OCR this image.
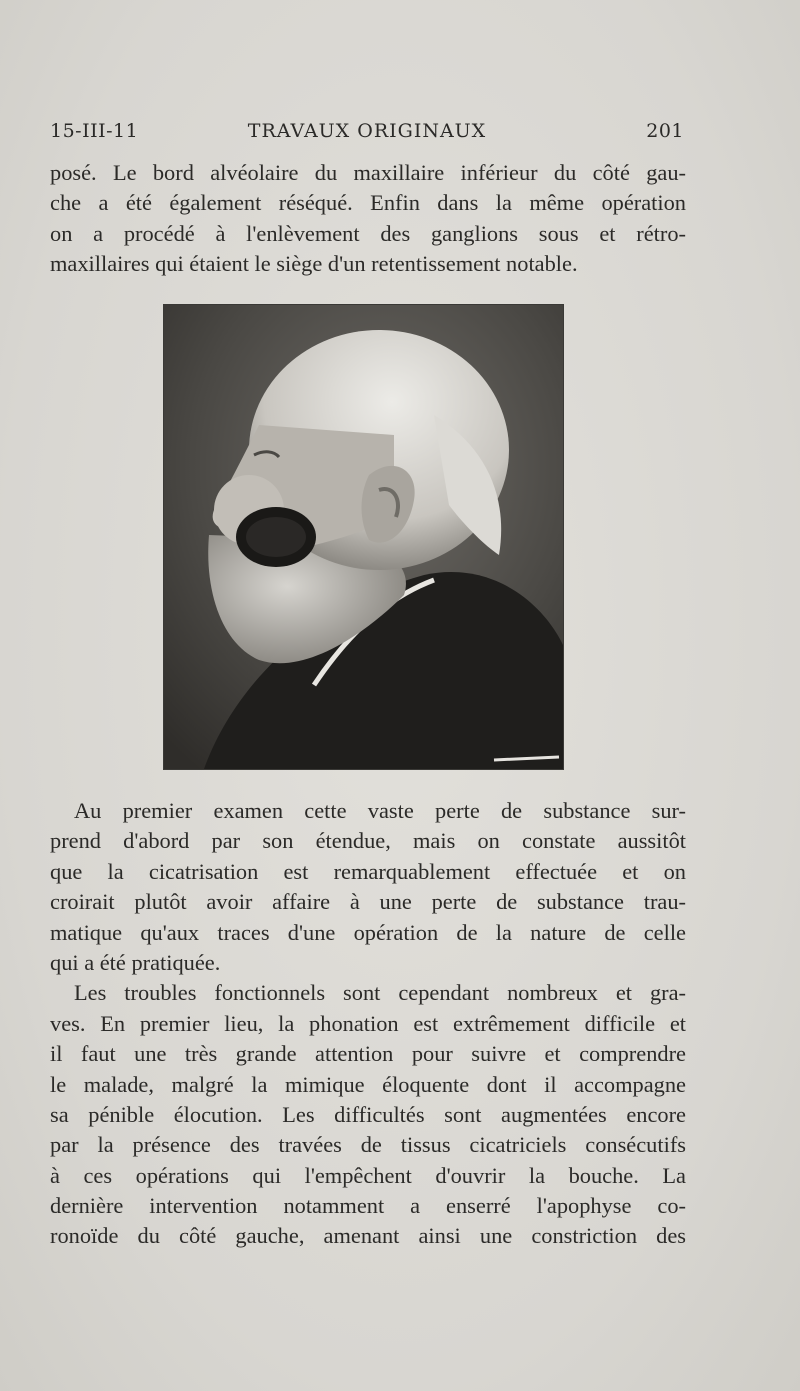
15-III-11	TRAVAUX ORIGINAUX	201
posé. Le bord alvéolaire du maxillaire inférieur du côté gau-
che a été également réséqué. Enfin dans la même opération
on a procédé à l'enlèvement des ganglions sous et rétro-
maxillaires qui étaient le siège d'un retentissement notable.
Au premier examen cette vaste perte de substance sur-
prend d'abord par son étendue, mais on constate aussitôt
que la cicatrisation est remarquablement effectuée et on
croirait plutôt avoir affaire à une perte de substance trau-
matique qu'aux traces d'une opération de la nature de celle
qui a été pratiquée.
Les troubles fonctionnels sont cependant nombreux et gra-
ves. En premier lieu, la phonation est extrêmement difficile et
il faut une très grande attention pour suivre et comprendre
le malade, malgré la mimique éloquente dont il accompagne
sa pénible élocution. Les difficultés sont augmentées encore
par la présence des travées de tissus cicatriciels consécutifs
à ces opérations qui l'empêchent d'ouvrir la bouche. La
dernière intervention notamment a enserré l'apophyse co-
ronoïde du côté gauche, amenant ainsi une constriction des
